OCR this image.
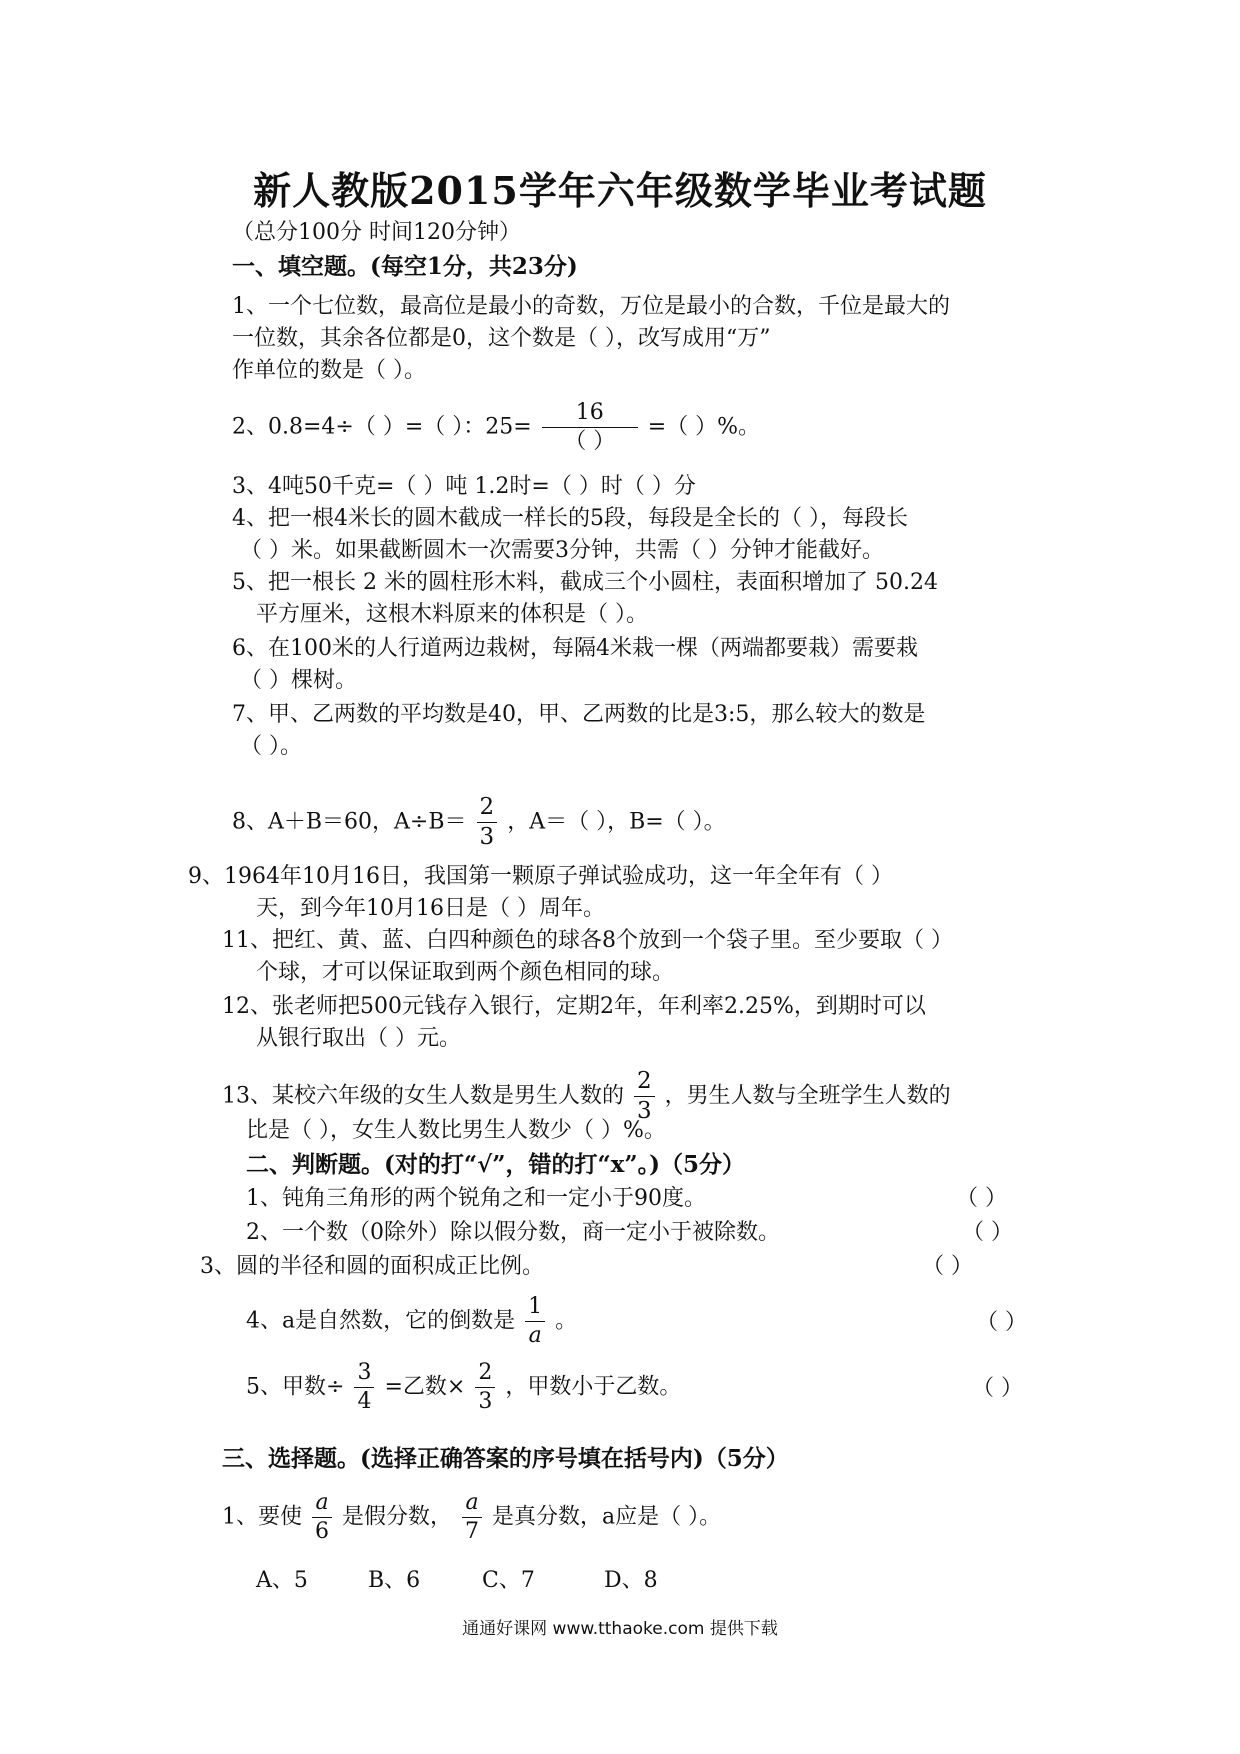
新人教版2015学年六年级数学毕业考试题
（总分100分 时间120分钟）
一、填空题。(每空1分，共23分)
1、一个七位数，最高位是最小的奇数，万位是最小的合数，千位是最大的
一位数，其余各位都是0，这个数是（ ），改写成用“万”
作单位的数是（ ）。
2、0.8=4÷（ ）=（ ）：$25= \frac{16}{( )}$ =（ ）%。
3、4吨50千克=（ ）吨 1.2时=（ ）时（ ）分
4、把一根4米长的圆木截成一样长的5段，每段是全长的（ ），每段长
（ ）米。如果截断圆木一次需要3分钟，共需（ ）分钟才能截好。
5、把一根长 2 米的圆柱形木料，截成三个小圆柱，表面积增加了 50.24
平方厘米，这根木料原来的体积是（ ）。
6、在100米的人行道两边栽树，每隔4米栽一棵（两端都要栽）需要栽
（ ）棵树。
7、甲、乙两数的平均数是40，甲、乙两数的比是3:5，那么较大的数是
（ ）。
8、A＋B＝60，$A\div B= \frac{2}{3}$ ，A＝（ ），B=（ ）。
9、1964年10月16日，我国第一颗原子弹试验成功，这一年全年有（ ）
天，到今年10月16日是（ ）周年。
11、把红、黄、蓝、白四种颜色的球各8个放到一个袋子里。至少要取（ ）
个球，才可以保证取到两个颜色相同的球。
12、张老师把500元钱存入银行，定期2年，年利率2.25%，到期时可以
从银行取出（ ）元。
13、某校六年级的女生人数是男生人数的 $\frac{2}{3}$ ，男生人数与全班学生人数的
比是（ ），女生人数比男生人数少（ ）%。
二、判断题。(对的打“√”，错的打“x”。)（5分）
1、钝角三角形的两个锐角之和一定小于90度。	（ ）
2、一个数（0除外）除以假分数，商一定小于被除数。	（ ）
3、圆的半径和圆的面积成正比例。	（ ）
4、a是自然数，它的倒数是 $\frac{1}{a}$ 。	（ ）
5、甲数÷ $\frac{3}{4}$ =乙数× $\frac{2}{3}$ ，甲数小于乙数。	（ ）
三、选择题。(选择正确答案的序号填在括号内)（5分）
1、要使 $\frac{a}{6}$ 是假分数， $\frac{a}{7}$ 是真分数，a应是（ ）。
A、5	B、6	C、7	D、8
通通好课网 www.tthaoke.com 提供下载
